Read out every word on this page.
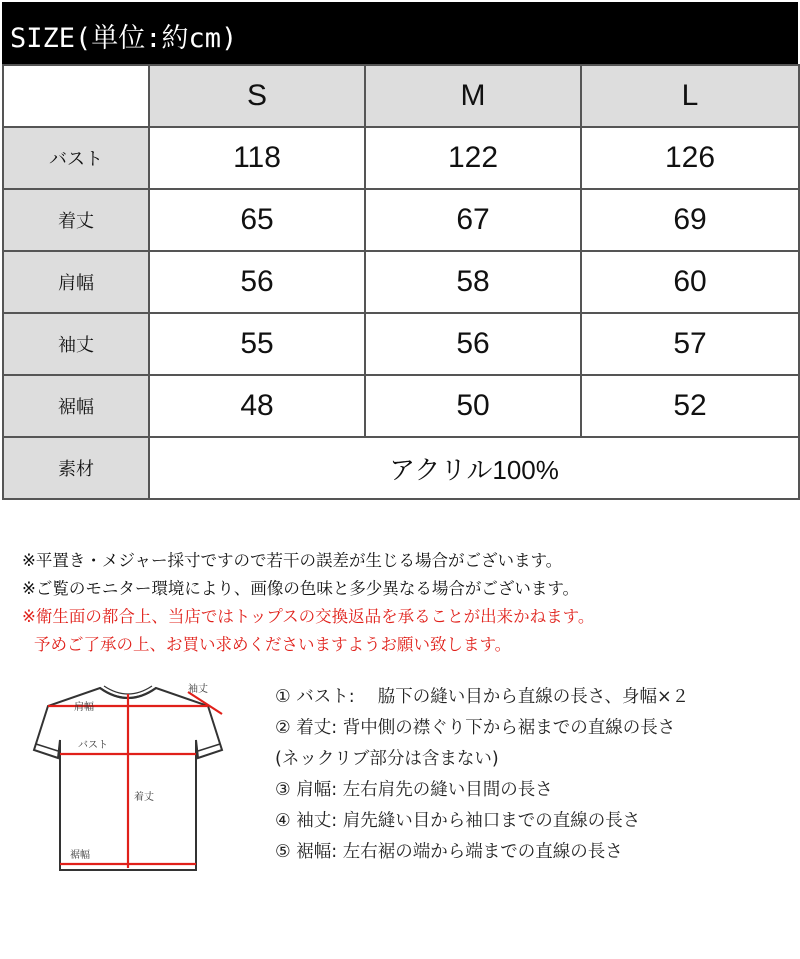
SIZE(単位:約cm)
	S	M	L
バスト	118	122	126
着丈	65	67	69
肩幅	56	58	60
袖丈	55	56	57
裾幅	48	50	52
素材	アクリル100%		
※平置き・メジャー採寸ですので若干の誤差が生じる場合がございます。
※ご覧のモニター環境により、画像の色味と多少異なる場合がございます。
※衛生面の都合上、当店ではトップスの交換返品を承ることが出来かねます。
予めご了承の上、お買い求めくださいますようお願い致します。
袖丈
肩幅
バスト
着丈
裾幅
① バスト:　 脇下の縫い目から直線の長さ、身幅×２
② 着丈: 背中側の襟ぐり下から裾までの直線の長さ
(ネックリブ部分は含まない)
③ 肩幅: 左右肩先の縫い目間の長さ
④ 袖丈: 肩先縫い目から袖口までの直線の長さ
⑤ 裾幅: 左右裾の端から端までの直線の長さ
